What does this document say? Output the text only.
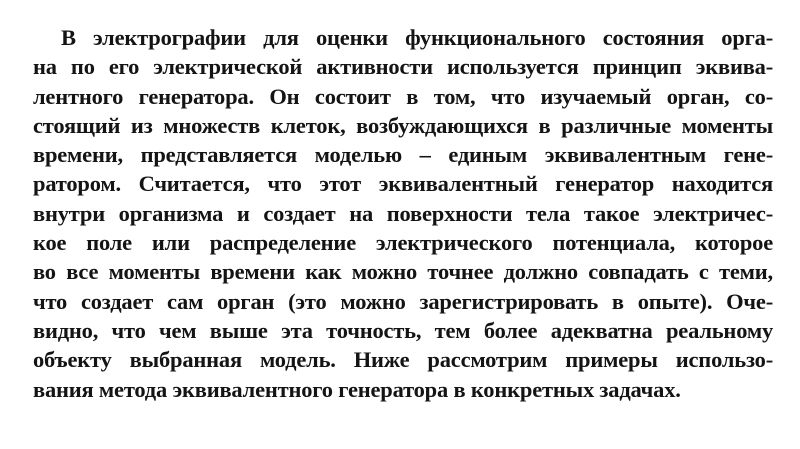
В электрографии для оценки функционального состояния орга-
на по его электрической активности используется принцип эквива-
лентного генератора. Он состоит в том, что изучаемый орган, со-
стоящий из множеств клеток, возбуждающихся в различные моменты
времени, представляется моделью – единым эквивалентным гене-
ратором. Считается, что этот эквивалентный генератор находится
внутри организма и создает на поверхности тела такое электричес-
кое поле или распределение электрического потенциала, которое
во все моменты времени как можно точнее должно совпадать с теми,
что создает сам орган (это можно зарегистрировать в опыте). Оче-
видно, что чем выше эта точность, тем более адекватна реальному
объекту выбранная модель. Ниже рассмотрим примеры использо-
вания метода эквивалентного генератора в конкретных задачах.
